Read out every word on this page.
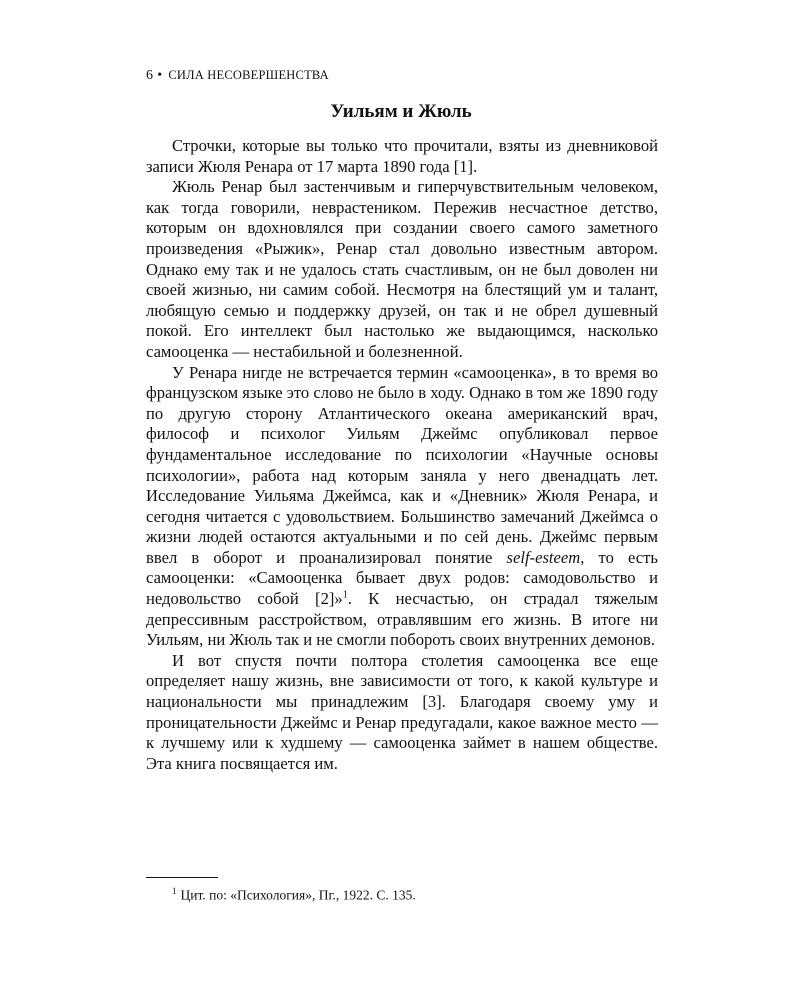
6 • СИЛА НЕСОВЕРШЕНСТВА
Уильям и Жюль

Строчки, которые вы только что прочитали, взяты из дневниковой записи Жюля Ренара от 17 марта 1890 года [1].

Жюль Ренар был застенчивым и гиперчувствительным человеком, как тогда говорили, неврастеником. Пережив несчастное детство, которым он вдохновлялся при создании своего самого заметного произведения «Рыжик», Ренар стал довольно известным автором. Однако ему так и не удалось стать счастливым, он не был доволен ни своей жизнью, ни самим собой. Несмотря на блестящий ум и талант, любящую семью и поддержку друзей, он так и не обрел душевный покой. Его интеллект был настолько же выдающимся, насколько самооценка — нестабильной и болезненной.

У Ренара нигде не встречается термин «самооценка», в то время во французском языке это слово не было в ходу. Однако в том же 1890 году по другую сторону Атлантического океана американский врач, философ и психолог Уильям Джеймс опубликовал первое фундаментальное исследование по психологии «Научные основы психологии», работа над которым заняла у него двенадцать лет. Исследование Уильяма Джеймса, как и «Дневник» Жюля Ренара, и сегодня читается с удовольствием. Большинство замечаний Джеймса о жизни людей остаются актуальными и по сей день. Джеймс первым ввел в оборот и проанализировал понятие self-esteem, то есть самооценки: «Самооценка бывает двух родов: самодовольство и недовольство собой [2]»$^1$. К несчастью, он страдал тяжелым депрессивным расстройством, отравлявшим его жизнь. В итоге ни Уильям, ни Жюль так и не смогли побороть своих внутренних демонов.

И вот спустя почти полтора столетия самооценка все еще определяет нашу жизнь, вне зависимости от того, к какой культуре и национальности мы принадлежим [3]. Благодаря своему уму и проницательности Джеймс и Ренар предугадали, какое важное место — к лучшему или к худшему — самооценка займет в нашем обществе. Эта книга посвящается им.

$^1$ Цит. по: «Психология», Пг., 1922. С. 135.
